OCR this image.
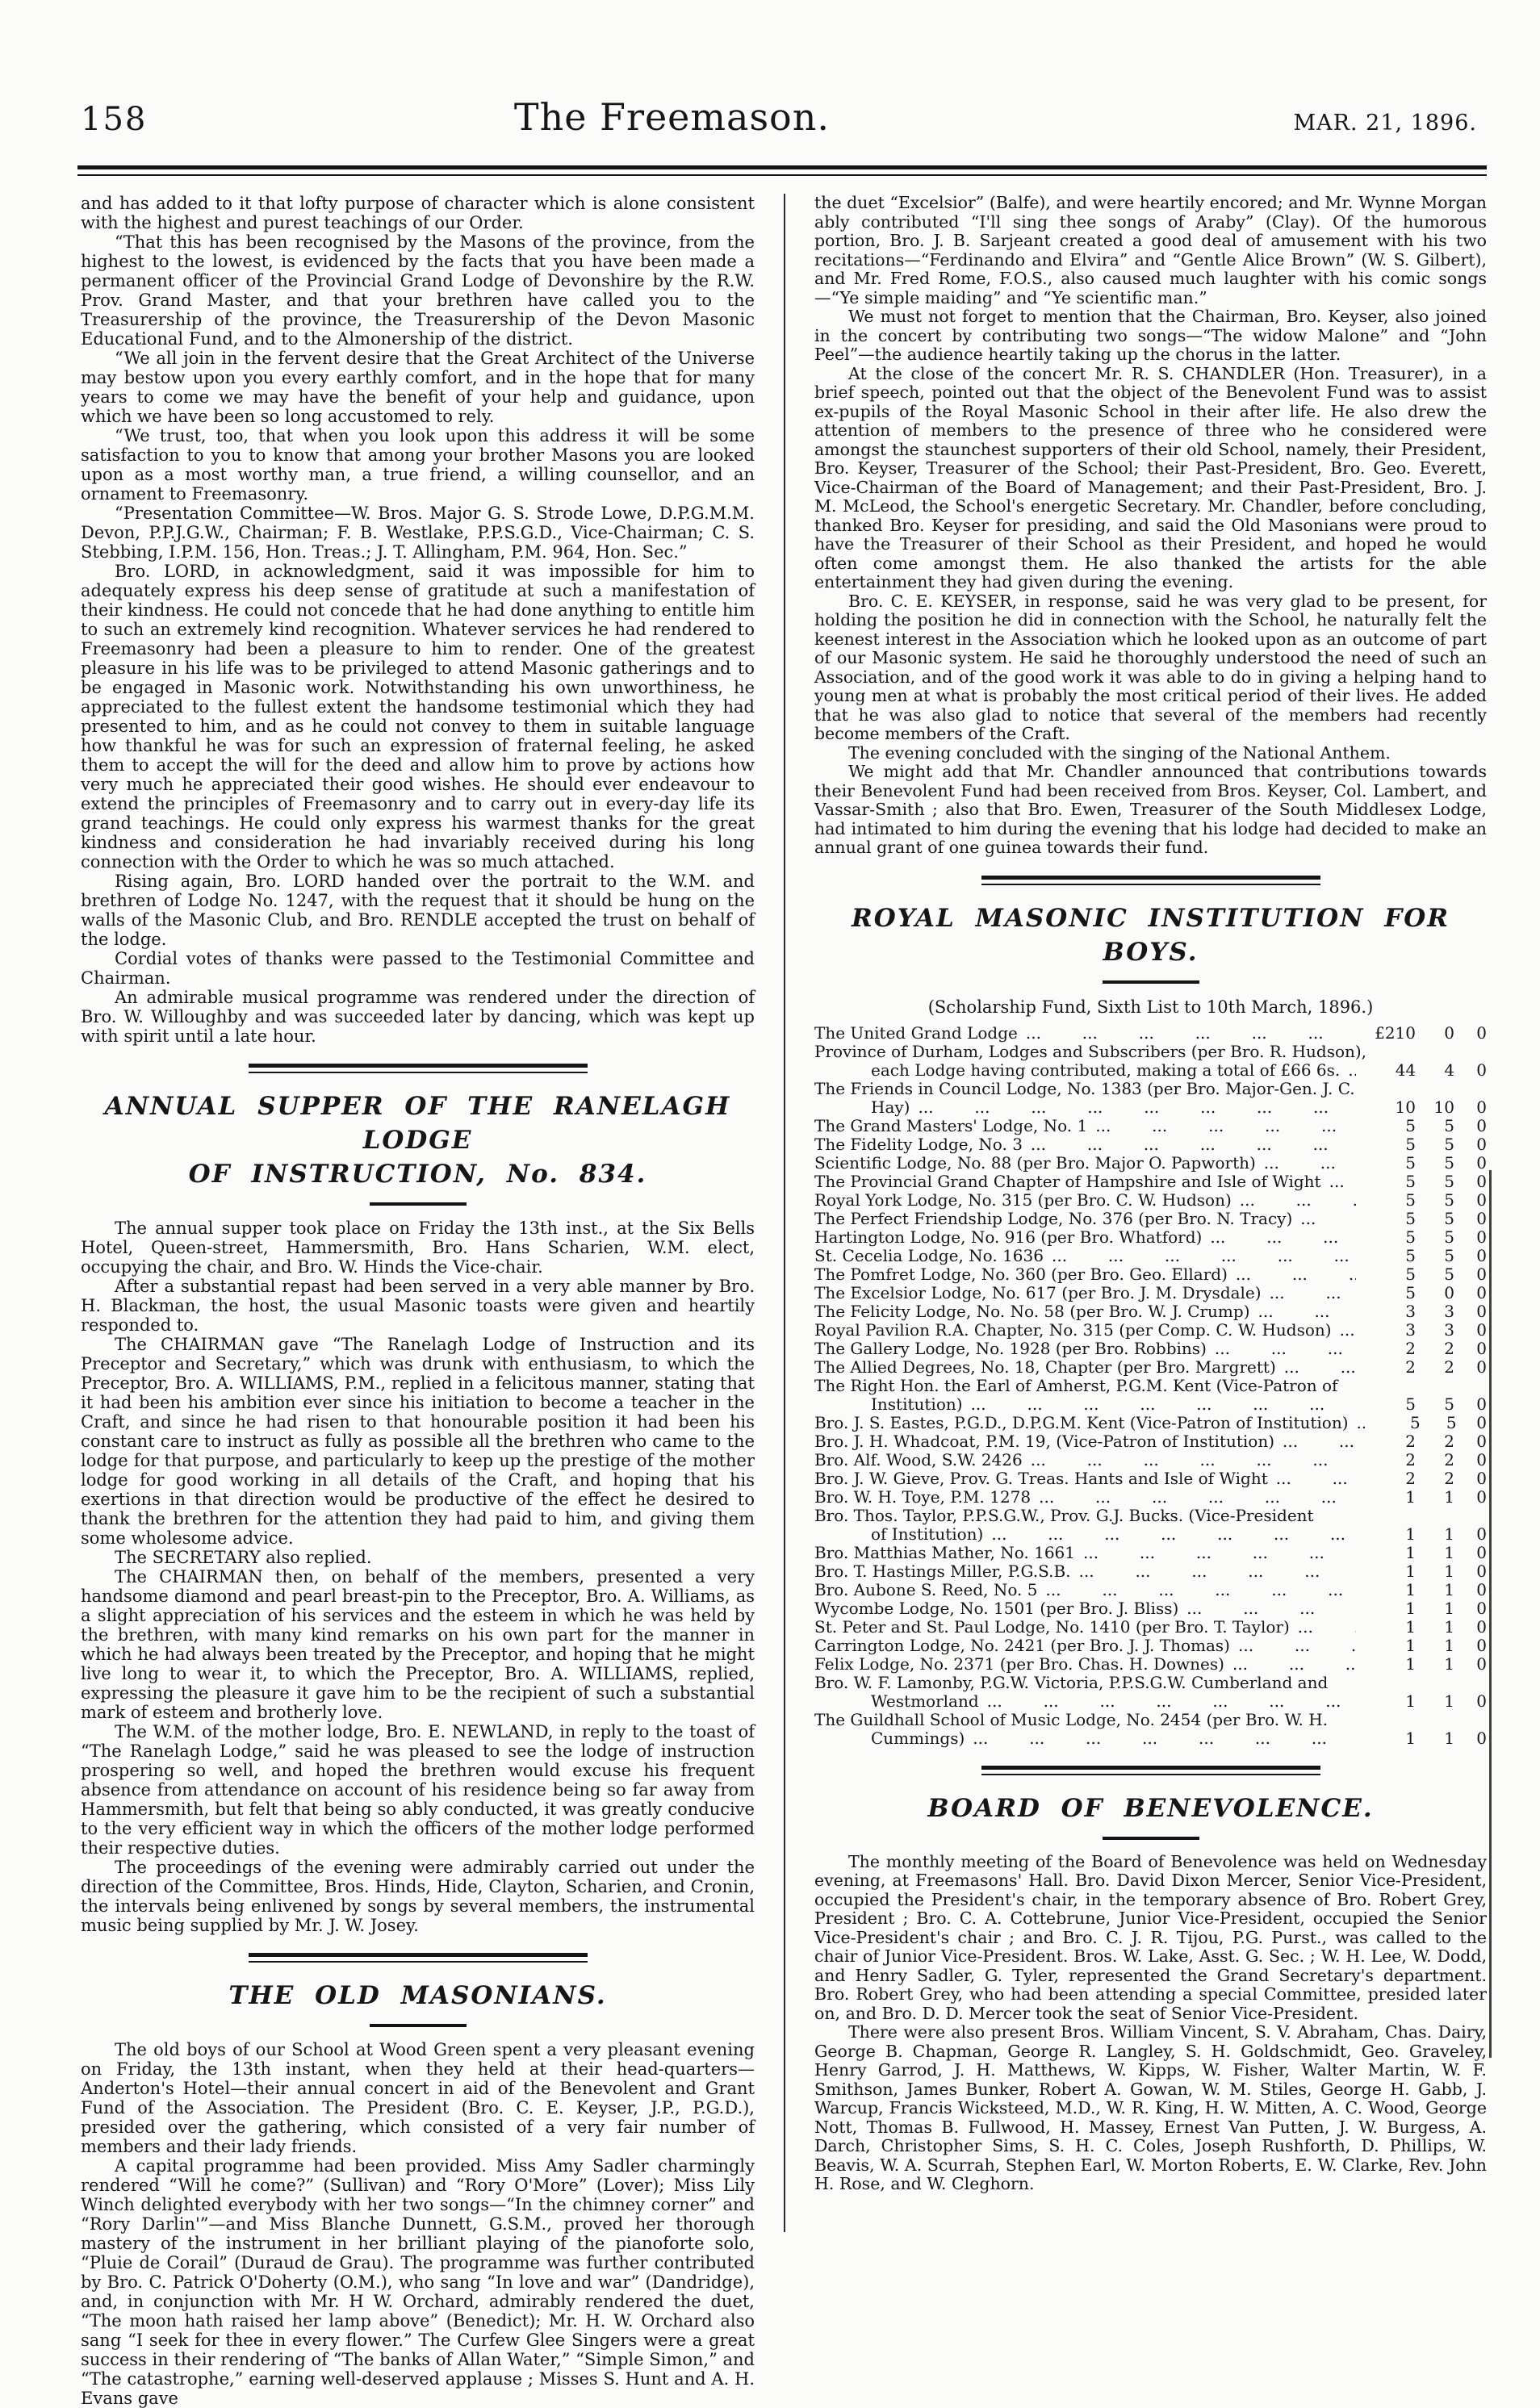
158	The Freemason.	MAR. 21, 1896.

and has added to it that lofty purpose of character which is alone consistent with the highest and purest teachings of our Order.

“That this has been recognised by the Masons of the province, from the highest to the lowest, is evidenced by the facts that you have been made a permanent officer of the Provincial Grand Lodge of Devonshire by the R.W. Prov. Grand Master, and that your brethren have called you to the Treasurership of the province, the Treasurership of the Devon Masonic Educational Fund, and to the Almonership of the district.

“We all join in the fervent desire that the Great Architect of the Universe may bestow upon you every earthly comfort, and in the hope that for many years to come we may have the benefit of your help and guidance, upon which we have been so long accustomed to rely.

“We trust, too, that when you look upon this address it will be some satisfaction to you to know that among your brother Masons you are looked upon as a most worthy man, a true friend, a willing counsellor, and an ornament to Freemasonry.

“Presentation Committee—W. Bros. Major G. S. Strode Lowe, D.P.G.M.M. Devon, P.P.J.G.W., Chairman; F. B. Westlake, P.P.S.G.D., Vice-Chairman; C. S. Stebbing, I.P.M. 156, Hon. Treas.; J. T. Allingham, P.M. 964, Hon. Sec.”

Bro. LORD, in acknowledgment, said it was impossible for him to adequately express his deep sense of gratitude at such a manifestation of their kindness. He could not concede that he had done anything to entitle him to such an extremely kind recognition. Whatever services he had rendered to Freemasonry had been a pleasure to him to render. One of the greatest pleasure in his life was to be privileged to attend Masonic gatherings and to be engaged in Masonic work. Notwithstanding his own unworthiness, he appreciated to the fullest extent the handsome testimonial which they had presented to him, and as he could not convey to them in suitable language how thankful he was for such an expression of fraternal feeling, he asked them to accept the will for the deed and allow him to prove by actions how very much he appreciated their good wishes. He should ever endeavour to extend the principles of Freemasonry and to carry out in every-day life its grand teachings. He could only express his warmest thanks for the great kindness and consideration he had invariably received during his long connection with the Order to which he was so much attached.

Rising again, Bro. LORD handed over the portrait to the W.M. and brethren of Lodge No. 1247, with the request that it should be hung on the walls of the Masonic Club, and Bro. RENDLE accepted the trust on behalf of the lodge.

Cordial votes of thanks were passed to the Testimonial Committee and Chairman.

An admirable musical programme was rendered under the direction of Bro. W. Willoughby and was succeeded later by dancing, which was kept up with spirit until a late hour.

ANNUAL SUPPER OF THE RANELAGH LODGE
OF INSTRUCTION, No. 834.

The annual supper took place on Friday the 13th inst., at the Six Bells Hotel, Queen-street, Hammersmith, Bro. Hans Scharien, W.M. elect, occupying the chair, and Bro. W. Hinds the Vice-chair.

After a substantial repast had been served in a very able manner by Bro. H. Blackman, the host, the usual Masonic toasts were given and heartily responded to.

The CHAIRMAN gave “The Ranelagh Lodge of Instruction and its Preceptor and Secretary,” which was drunk with enthusiasm, to which the Preceptor, Bro. A. WILLIAMS, P.M., replied in a felicitous manner, stating that it had been his ambition ever since his initiation to become a teacher in the Craft, and since he had risen to that honourable position it had been his constant care to instruct as fully as possible all the brethren who came to the lodge for that purpose, and particularly to keep up the prestige of the mother lodge for good working in all details of the Craft, and hoping that his exertions in that direction would be productive of the effect he desired to thank the brethren for the attention they had paid to him, and giving them some wholesome advice.

The SECRETARY also replied.

The CHAIRMAN then, on behalf of the members, presented a very handsome diamond and pearl breast-pin to the Preceptor, Bro. A. Williams, as a slight appreciation of his services and the esteem in which he was held by the brethren, with many kind remarks on his own part for the manner in which he had always been treated by the Preceptor, and hoping that he might live long to wear it, to which the Preceptor, Bro. A. WILLIAMS, replied, expressing the pleasure it gave him to be the recipient of such a substantial mark of esteem and brotherly love.

The W.M. of the mother lodge, Bro. E. NEWLAND, in reply to the toast of “The Ranelagh Lodge,” said he was pleased to see the lodge of instruction prospering so well, and hoped the brethren would excuse his frequent absence from attendance on account of his residence being so far away from Hammersmith, but felt that being so ably conducted, it was greatly conducive to the very efficient way in which the officers of the mother lodge performed their respective duties.

The proceedings of the evening were admirably carried out under the direction of the Committee, Bros. Hinds, Hide, Clayton, Scharien, and Cronin, the intervals being enlivened by songs by several members, the instrumental music being supplied by Mr. J. W. Josey.

THE OLD MASONIANS.

The old boys of our School at Wood Green spent a very pleasant evening on Friday, the 13th instant, when they held at their head-quarters—Anderton's Hotel—their annual concert in aid of the Benevolent and Grant Fund of the Association. The President (Bro. C. E. Keyser, J.P., P.G.D.), presided over the gathering, which consisted of a very fair number of members and their lady friends.

A capital programme had been provided. Miss Amy Sadler charmingly rendered “Will he come?” (Sullivan) and “Rory O'More” (Lover); Miss Lily Winch delighted everybody with her two songs—“In the chimney corner” and “Rory Darlin'”—and Miss Blanche Dunnett, G.S.M., proved her thorough mastery of the instrument in her brilliant playing of the pianoforte solo, “Pluie de Corail” (Duraud de Grau). The programme was further contributed by Bro. C. Patrick O'Doherty (O.M.), who sang “In love and war” (Dandridge), and, in conjunction with Mr. H W. Orchard, admirably rendered the duet, “The moon hath raised her lamp above” (Benedict); Mr. H. W. Orchard also sang “I seek for thee in every flower.” The Curfew Glee Singers were a great success in their rendering of “The banks of Allan Water,” “Simple Simon,” and “The catastrophe,” earning well-deserved applause ; Misses S. Hunt and A. H. Evans gave

the duet “Excelsior” (Balfe), and were heartily encored; and Mr. Wynne Morgan ably contributed “I'll sing thee songs of Araby” (Clay). Of the humorous portion, Bro. J. B. Sarjeant created a good deal of amusement with his two recitations—“Ferdinando and Elvira” and “Gentle Alice Brown” (W. S. Gilbert), and Mr. Fred Rome, F.O.S., also caused much laughter with his comic songs—“Ye simple maiding” and “Ye scientific man.”

We must not forget to mention that the Chairman, Bro. Keyser, also joined in the concert by contributing two songs—“The widow Malone” and “John Peel”—the audience heartily taking up the chorus in the latter.

At the close of the concert Mr. R. S. CHANDLER (Hon. Treasurer), in a brief speech, pointed out that the object of the Benevolent Fund was to assist ex-pupils of the Royal Masonic School in their after life. He also drew the attention of members to the presence of three who he considered were amongst the staunchest supporters of their old School, namely, their President, Bro. Keyser, Treasurer of the School; their Past-President, Bro. Geo. Everett, Vice-Chairman of the Board of Management; and their Past-President, Bro. J. M. McLeod, the School's energetic Secretary. Mr. Chandler, before concluding, thanked Bro. Keyser for presiding, and said the Old Masonians were proud to have the Treasurer of their School as their President, and hoped he would often come amongst them. He also thanked the artists for the able entertainment they had given during the evening.

Bro. C. E. KEYSER, in response, said he was very glad to be present, for holding the position he did in connection with the School, he naturally felt the keenest interest in the Association which he looked upon as an outcome of part of our Masonic system. He said he thoroughly understood the need of such an Association, and of the good work it was able to do in giving a helping hand to young men at what is probably the most critical period of their lives. He added that he was also glad to notice that several of the members had recently become members of the Craft.

The evening concluded with the singing of the National Anthem.

We might add that Mr. Chandler announced that contributions towards their Benevolent Fund had been received from Bros. Keyser, Col. Lambert, and Vassar-Smith ; also that Bro. Ewen, Treasurer of the South Middlesex Lodge, had intimated to him during the evening that his lodge had decided to make an annual grant of one guinea towards their fund.

ROYAL MASONIC INSTITUTION FOR BOYS.

(Scholarship Fund, Sixth List to 10th March, 1896.)

The United Grand Lodge ...	£210	0	0
Province of Durham, Lodges and Subscribers (per Bro. R. Hudson),
each Lodge having contributed, making a total of £66 6s. ...	44	4	0
The Friends in Council Lodge, No. 1383 (per Bro. Major-Gen. J. C.
Hay) ...	10	10	0
The Grand Masters' Lodge, No. 1 ...	5	5	0
The Fidelity Lodge, No. 3 ...	5	5	0
Scientific Lodge, No. 88 (per Bro. Major O. Papworth) ...	5	5	0
The Provincial Grand Chapter of Hampshire and Isle of Wight ...	5	5	0
Royal York Lodge, No. 315 (per Bro. C. W. Hudson) ...	5	5	0
The Perfect Friendship Lodge, No. 376 (per Bro. N. Tracy) ...	5	5	0
Hartington Lodge, No. 916 (per Bro. Whatford) ...	5	5	0
St. Cecelia Lodge, No. 1636 ...	5	5	0
The Pomfret Lodge, No. 360 (per Bro. Geo. Ellard) ...	5	5	0
The Excelsior Lodge, No. 617 (per Bro. J. M. Drysdale) ...	5	0	0
The Felicity Lodge, No. No. 58 (per Bro. W. J. Crump) ...	3	3	0
Royal Pavilion R.A. Chapter, No. 315 (per Comp. C. W. Hudson) ...	3	3	0
The Gallery Lodge, No. 1928 (per Bro. Robbins) ...	2	2	0
The Allied Degrees, No. 18, Chapter (per Bro. Margrett) ...	2	2	0
The Right Hon. the Earl of Amherst, P.G.M. Kent (Vice-Patron of
Institution) ...	5	5	0
Bro. J. S. Eastes, P.G.D., D.P.G.M. Kent (Vice-Patron of Institution) ...	5	5	0
Bro. J. H. Whadcoat, P.M. 19, (Vice-Patron of Institution) ...	2	2	0
Bro. Alf. Wood, S.W. 2426 ...	2	2	0
Bro. J. W. Gieve, Prov. G. Treas. Hants and Isle of Wight ...	2	2	0
Bro. W. H. Toye, P.M. 1278 ...	1	1	0
Bro. Thos. Taylor, P.P.S.G.W., Prov. G.J. Bucks. (Vice-President
of Institution) ...	1	1	0
Bro. Matthias Mather, No. 1661 ...	1	1	0
Bro. T. Hastings Miller, P.G.S.B. ...	1	1	0
Bro. Aubone S. Reed, No. 5 ...	1	1	0
Wycombe Lodge, No. 1501 (per Bro. J. Bliss) ...	1	1	0
St. Peter and St. Paul Lodge, No. 1410 (per Bro. T. Taylor) ...	1	1	0
Carrington Lodge, No. 2421 (per Bro. J. J. Thomas) ...	1	1	0
Felix Lodge, No. 2371 (per Bro. Chas. H. Downes) ...	1	1	0
Bro. W. F. Lamonby, P.G.W. Victoria, P.P.S.G.W. Cumberland and
Westmorland ...	1	1	0
The Guildhall School of Music Lodge, No. 2454 (per Bro. W. H.
Cummings) ...	1	1	0
BOARD OF BENEVOLENCE.

The monthly meeting of the Board of Benevolence was held on Wednesday evening, at Freemasons' Hall. Bro. David Dixon Mercer, Senior Vice-President, occupied the President's chair, in the temporary absence of Bro. Robert Grey, President ; Bro. C. A. Cottebrune, Junior Vice-President, occupied the Senior Vice-President's chair ; and Bro. C. J. R. Tijou, P.G. Purst., was called to the chair of Junior Vice-President. Bros. W. Lake, Asst. G. Sec. ; W. H. Lee, W. Dodd, and Henry Sadler, G. Tyler, represented the Grand Secretary's department. Bro. Robert Grey, who had been attending a special Committee, presided later on, and Bro. D. D. Mercer took the seat of Senior Vice-President.

There were also present Bros. William Vincent, S. V. Abraham, Chas. Dairy, George B. Chapman, George R. Langley, S. H. Goldschmidt, Geo. Graveley, Henry Garrod, J. H. Matthews, W. Kipps, W. Fisher, Walter Martin, W. F. Smithson, James Bunker, Robert A. Gowan, W. M. Stiles, George H. Gabb, J. Warcup, Francis Wicksteed, M.D., W. R. King, H. W. Mitten, A. C. Wood, George Nott, Thomas B. Fullwood, H. Massey, Ernest Van Putten, J. W. Burgess, A. Darch, Christopher Sims, S. H. C. Coles, Joseph Rushforth, D. Phillips, W. Beavis, W. A. Scurrah, Stephen Earl, W. Morton Roberts, E. W. Clarke, Rev. John H. Rose, and W. Cleghorn.
